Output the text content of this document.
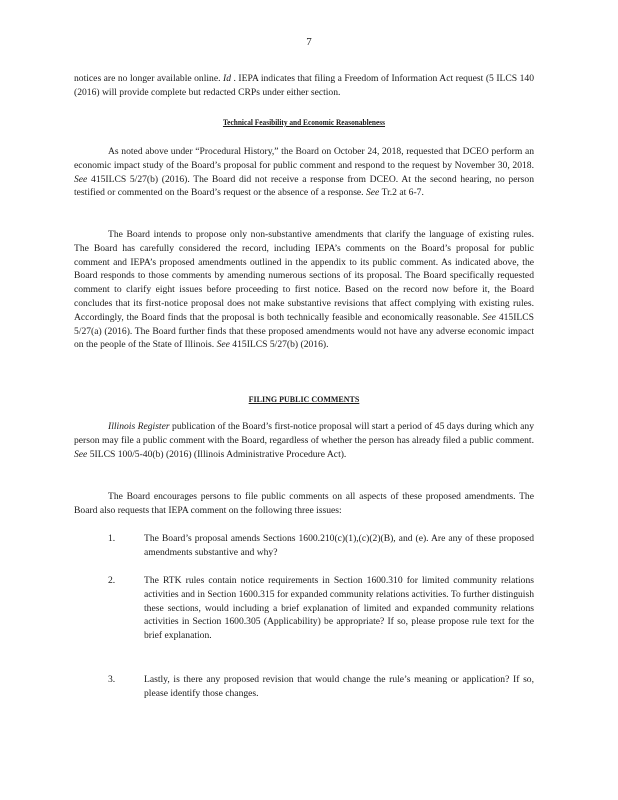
7
notices are no longer available online. Id . IEPA indicates that filing a Freedom of Information Act request (5 ILCS 140 (2016) will provide complete but redacted CRPs under either section.
Technical Feasibility and Economic Reasonableness
As noted above under “Procedural History,” the Board on October 24, 2018, requested that DCEO perform an economic impact study of the Board’s proposal for public comment and respond to the request by November 30, 2018. See 415ILCS 5/27(b) (2016). The Board did not receive a response from DCEO. At the second hearing, no person testified or commented on the Board’s request or the absence of a response. See Tr.2 at 6-7.
The Board intends to propose only non-substantive amendments that clarify the language of existing rules. The Board has carefully considered the record, including IEPA’s comments on the Board’s proposal for public comment and IEPA’s proposed amendments outlined in the appendix to its public comment. As indicated above, the Board responds to those comments by amending numerous sections of its proposal. The Board specifically requested comment to clarify eight issues before proceeding to first notice. Based on the record now before it, the Board concludes that its first-notice proposal does not make substantive revisions that affect complying with existing rules. Accordingly, the Board finds that the proposal is both technically feasible and economically reasonable. See 415ILCS 5/27(a) (2016). The Board further finds that these proposed amendments would not have any adverse economic impact on the people of the State of Illinois. See 415ILCS 5/27(b) (2016).
FILING PUBLIC COMMENTS
Illinois Register publication of the Board’s first-notice proposal will start a period of 45 days during which any person may file a public comment with the Board, regardless of whether the person has already filed a public comment. See 5ILCS 100/5-40(b) (2016) (Illinois Administrative Procedure Act).
The Board encourages persons to file public comments on all aspects of these proposed amendments. The Board also requests that IEPA comment on the following three issues:
1.	The Board’s proposal amends Sections 1600.210(c)(1),(c)(2)(B), and (e). Are any of these proposed amendments substantive and why?
2.	The RTK rules contain notice requirements in Section 1600.310 for limited community relations activities and in Section 1600.315 for expanded community relations activities. To further distinguish these sections, would including a brief explanation of limited and expanded community relations activities in Section 1600.305 (Applicability) be appropriate? If so, please propose rule text for the brief explanation.
3.	Lastly, is there any proposed revision that would change the rule’s meaning or application? If so, please identify those changes.
